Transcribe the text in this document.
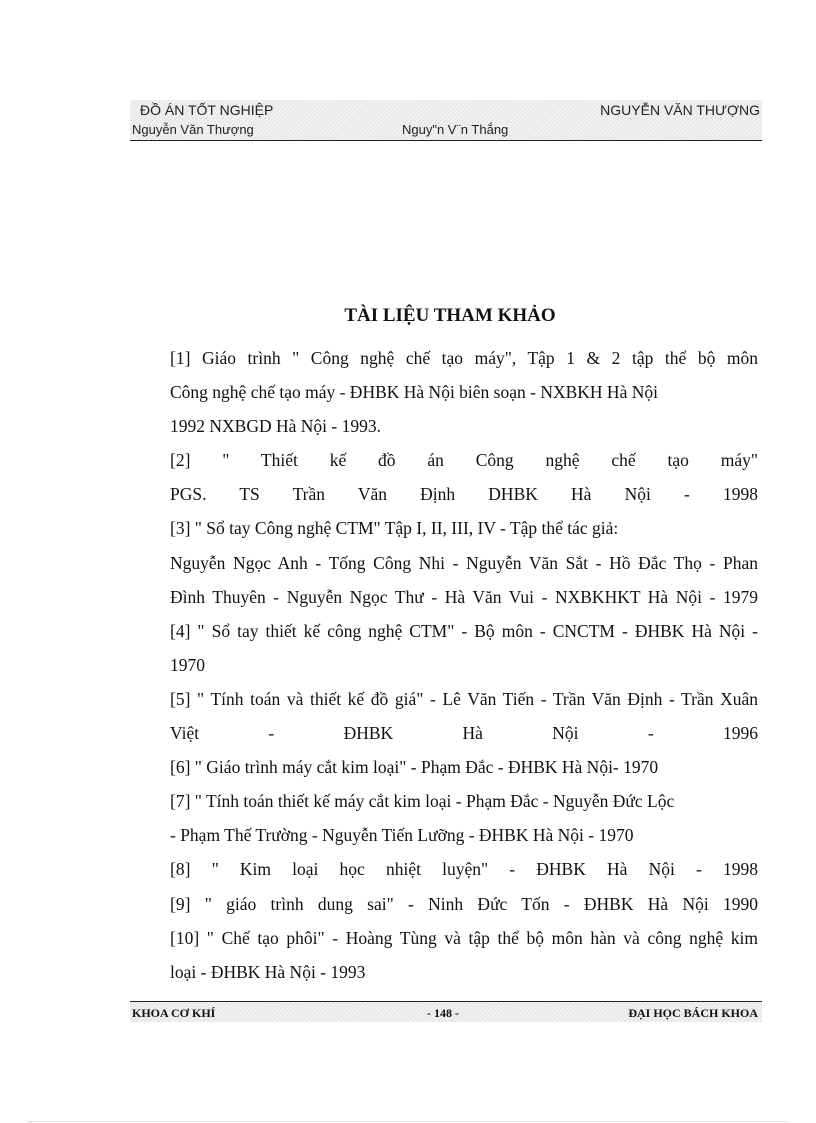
ĐỒ ÁN TỐT NGHIỆP	NGUYỄN VĂN THƯỢNG
Nguyễn Văn Thượng	Nguy"n V¨n Thắng
TÀI LIỆU THAM KHẢO
[1] Giáo trình " Công nghệ chế tạo máy", Tập 1 & 2 tập thể bộ môn
Công nghệ chế tạo máy - ĐHBK Hà Nội biên soạn - NXBKH Hà Nội
1992 NXBGD Hà Nội - 1993.
[2] " Thiết kế đồ án Công nghệ chế tạo máy"
PGS. TS Trần Văn Định DHBK Hà Nội - 1998
[3] " Sổ tay Công nghệ CTM" Tập I, II, III, IV - Tập thể tác giả:
Nguyễn Ngọc Anh - Tống Công Nhi - Nguyễn Văn Sắt - Hồ Đắc Thọ - Phan
Đình Thuyên - Nguyễn Ngọc Thư - Hà Văn Vui - NXBKHKT Hà Nội - 1979
[4] " Sổ tay thiết kế công nghệ CTM" - Bộ môn - CNCTM - ĐHBK Hà Nội -
1970
[5] " Tính toán và thiết kế đồ giá" - Lê Văn Tiến - Trần Văn Định - Trần Xuân
Việt - ĐHBK Hà Nội - 1996
[6] " Giáo trình máy cắt kim loại" - Phạm Đắc - ĐHBK Hà Nội- 1970
[7] " Tính toán thiết kế máy cắt kim loại - Phạm Đắc - Nguyễn Đức Lộc
- Phạm Thế Trường - Nguyễn Tiến Lưỡng - ĐHBK Hà Nội - 1970
[8] " Kim loại học nhiệt luyện" - ĐHBK Hà Nội - 1998
[9] " giáo trình dung sai" - Ninh Đức Tốn - ĐHBK Hà Nội 1990
[10] " Chế tạo phôi" - Hoàng Tùng và tập thể bộ môn hàn và công nghệ kim
loại - ĐHBK Hà Nội - 1993
KHOA CƠ KHÍ	- 148 -	ĐẠI HỌC BÁCH KHOA
